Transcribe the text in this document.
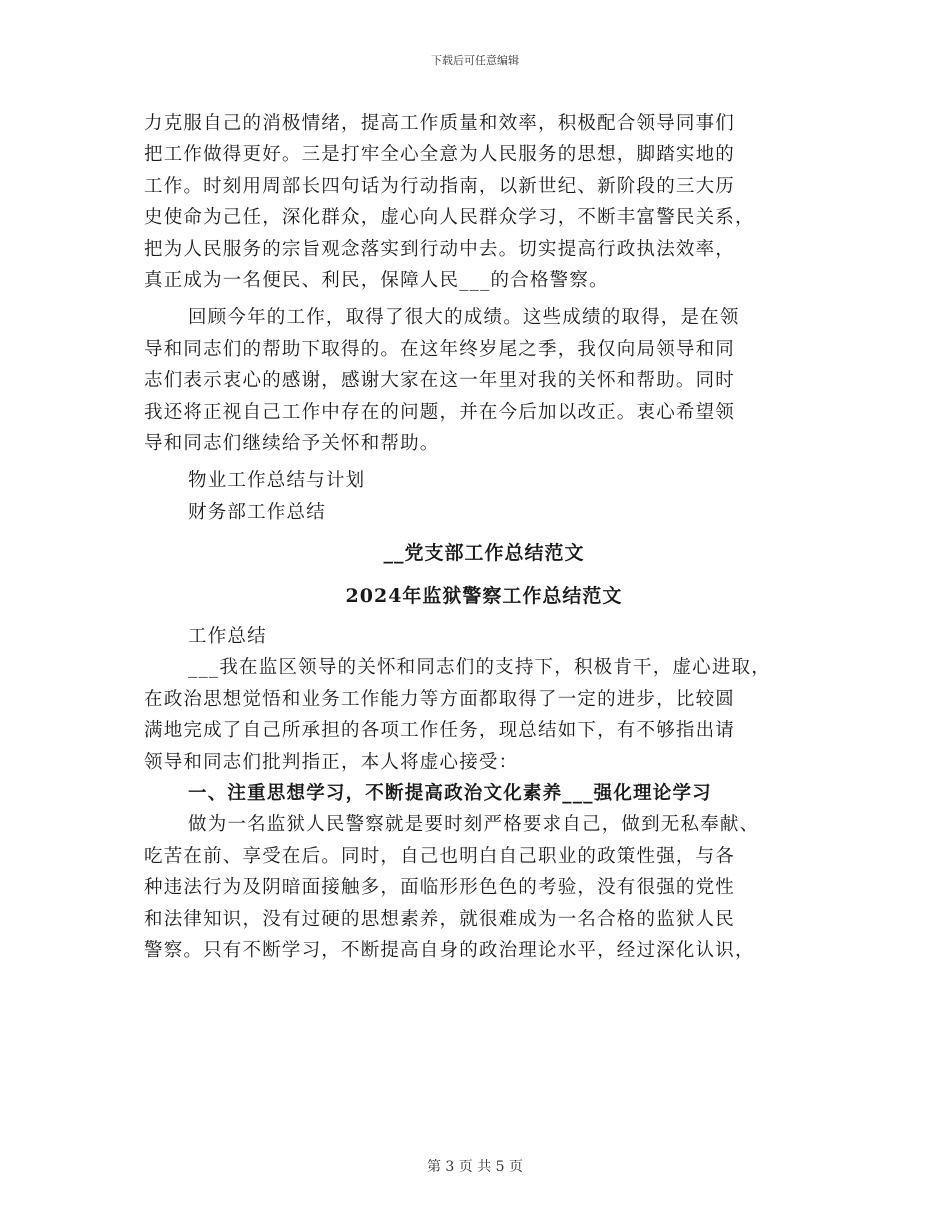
下载后可任意编辑
力克服自己的消极情绪，提高工作质量和效率，积极配合领导同事们
把工作做得更好。三是打牢全心全意为人民服务的思想，脚踏实地的
工作。时刻用周部长四句话为行动指南，以新世纪、新阶段的三大历
史使命为己任，深化群众，虚心向人民群众学习，不断丰富警民关系，
把为人民服务的宗旨观念落实到行动中去。切实提高行政执法效率，
真正成为一名便民、利民，保障人民___的合格警察。
回顾今年的工作，取得了很大的成绩。这些成绩的取得，是在领
导和同志们的帮助下取得的。在这年终岁尾之季，我仅向局领导和同
志们表示衷心的感谢，感谢大家在这一年里对我的关怀和帮助。同时
我还将正视自己工作中存在的问题，并在今后加以改正。衷心希望领
导和同志们继续给予关怀和帮助。
物业工作总结与计划
财务部工作总结
__党支部工作总结范文
2024年监狱警察工作总结范文
工作总结
___我在监区领导的关怀和同志们的支持下，积极肯干，虚心进取，
在政治思想觉悟和业务工作能力等方面都取得了一定的进步，比较圆
满地完成了自己所承担的各项工作任务，现总结如下，有不够指出请
领导和同志们批判指正，本人将虚心接受：
一、注重思想学习，不断提高政治文化素养___强化理论学习
做为一名监狱人民警察就是要时刻严格要求自己，做到无私奉献、
吃苦在前、享受在后。同时，自己也明白自己职业的政策性强，与各
种违法行为及阴暗面接触多，面临形形色色的考验，没有很强的党性
和法律知识，没有过硬的思想素养，就很难成为一名合格的监狱人民
警察。只有不断学习，不断提高自身的政治理论水平，经过深化认识，
第 3 页 共 5 页
